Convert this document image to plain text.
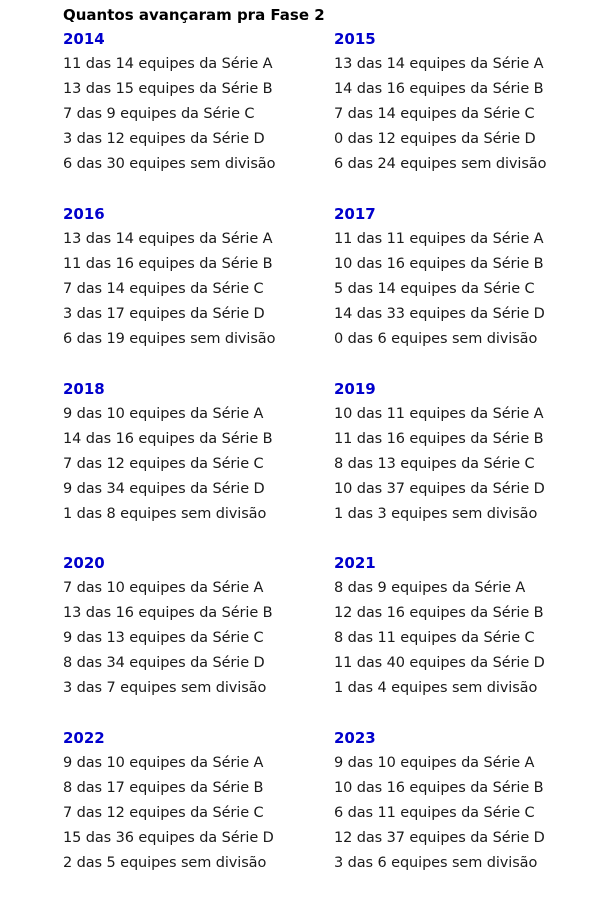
Quantos avançaram pra Fase 2
2014
11 das 14 equipes da Série A
13 das 15 equipes da Série B
7 das 9 equipes da Série C
3 das 12 equipes da Série D
6 das 30 equipes sem divisão
2015
13 das 14 equipes da Série A
14 das 16 equipes da Série B
7 das 14 equipes da Série C
0 das 12 equipes da Série D
6 das 24 equipes sem divisão
2016
13 das 14 equipes da Série A
11 das 16 equipes da Série B
7 das 14 equipes da Série C
3 das 17 equipes da Série D
6 das 19 equipes sem divisão
2017
11 das 11 equipes da Série A
10 das 16 equipes da Série B
5 das 14 equipes da Série C
14 das 33 equipes da Série D
0 das 6 equipes sem divisão
2018
9 das 10 equipes da Série A
14 das 16 equipes da Série B
7 das 12 equipes da Série C
9 das 34 equipes da Série D
1 das 8 equipes sem divisão
2019
10 das 11 equipes da Série A
11 das 16 equipes da Série B
8 das 13 equipes da Série C
10 das 37 equipes da Série D
1 das 3 equipes sem divisão
2020
7 das 10 equipes da Série A
13 das 16 equipes da Série B
9 das 13 equipes da Série C
8 das 34 equipes da Série D
3 das 7 equipes sem divisão
2021
8 das 9 equipes da Série A
12 das 16 equipes da Série B
8 das 11 equipes da Série C
11 das 40 equipes da Série D
1 das 4 equipes sem divisão
2022
9 das 10 equipes da Série A
8 das 17 equipes da Série B
7 das 12 equipes da Série C
15 das 36 equipes da Série D
2 das 5 equipes sem divisão
2023
9 das 10 equipes da Série A
10 das 16 equipes da Série B
6 das 11 equipes da Série C
12 das 37 equipes da Série D
3 das 6 equipes sem divisão
